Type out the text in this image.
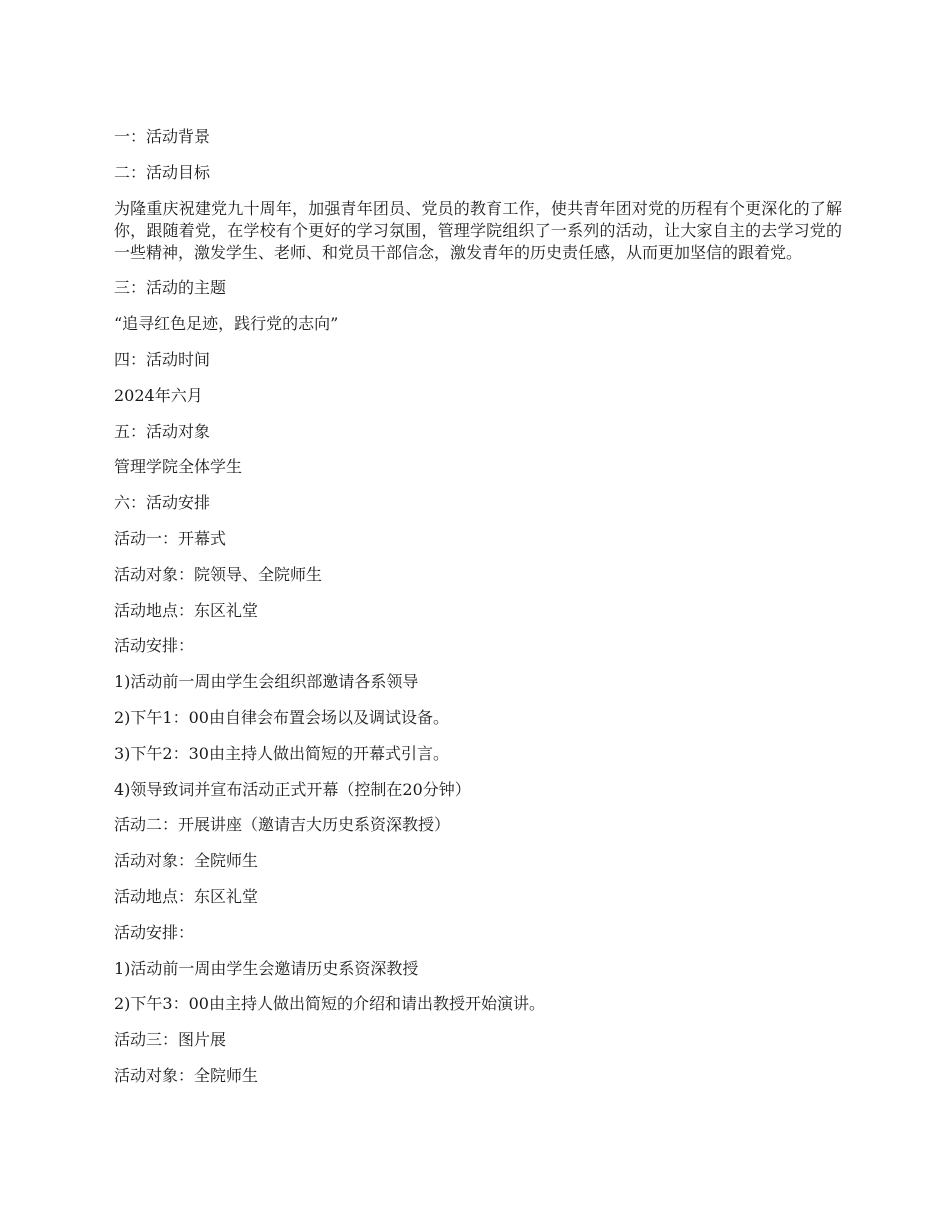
一：活动背景

二：活动目标

为隆重庆祝建党九十周年，加强青年团员、党员的教育工作，使共青年团对党的历程有个更深化的了解你，跟随着党，在学校有个更好的学习氛围，管理学院组织了一系列的活动，让大家自主的去学习党的一些精神，激发学生、老师、和党员干部信念，激发青年的历史责任感，从而更加坚信的跟着党。

三：活动的主题

“追寻红色足迹，践行党的志向”

四：活动时间

2024年六月

五：活动对象

管理学院全体学生

六：活动安排

活动一：开幕式

活动对象：院领导、全院师生

活动地点：东区礼堂

活动安排：

1)活动前一周由学生会组织部邀请各系领导

2)下午1：00由自律会布置会场以及调试设备。

3)下午2：30由主持人做出简短的开幕式引言。

4)领导致词并宣布活动正式开幕（控制在20分钟）

活动二：开展讲座（邀请吉大历史系资深教授）

活动对象：全院师生

活动地点：东区礼堂

活动安排：

1)活动前一周由学生会邀请历史系资深教授

2)下午3：00由主持人做出简短的介绍和请出教授开始演讲。

活动三：图片展

活动对象：全院师生
